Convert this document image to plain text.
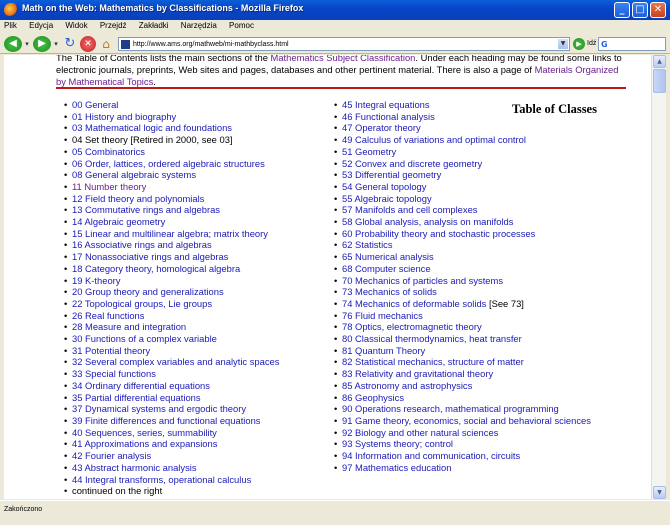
Math on the Web: Mathematics by Classifications - Mozilla Firefox	_	□ ✕
Plik Edycja Widok Przejdź Zakładki Narzędzia Pomoc
◀	▾ ▶	▾ ↻ ✕ ⌂	http://www.ams.org/mathweb/mi-mathbyclass.html	▼	▶ Idź G
The Table of Contents lists the main sections of the Mathematics Subject Classification. Under each heading may be found some links to electronic journals, preprints, Web sites and pages, databases and other pertinent material. There is also a page of Materials Organized by Mathematical Topics.
Table of Classes
• 00 General
• 01 History and biography
• 03 Mathematical logic and foundations
• 04 Set theory [Retired in 2000, see 03]
• 05 Combinatorics
• 06 Order, lattices, ordered algebraic structures
• 08 General algebraic systems
• 11 Number theory
• 12 Field theory and polynomials
• 13 Commutative rings and algebras
• 14 Algebraic geometry
• 15 Linear and multilinear algebra; matrix theory
• 16 Associative rings and algebras
• 17 Nonassociative rings and algebras
• 18 Category theory, homological algebra
• 19 K-theory
• 20 Group theory and generalizations
• 22 Topological groups, Lie groups
• 26 Real functions
• 28 Measure and integration
• 30 Functions of a complex variable
• 31 Potential theory
• 32 Several complex variables and analytic spaces
• 33 Special functions
• 34 Ordinary differential equations
• 35 Partial differential equations
• 37 Dynamical systems and ergodic theory
• 39 Finite differences and functional equations
• 40 Sequences, series, summability
• 41 Approximations and expansions
• 42 Fourier analysis
• 43 Abstract harmonic analysis
• 44 Integral transforms, operational calculus
• continued on the right
• 45 Integral equations
• 46 Functional analysis
• 47 Operator theory
• 49 Calculus of variations and optimal control
• 51 Geometry
• 52 Convex and discrete geometry
• 53 Differential geometry
• 54 General topology
• 55 Algebraic topology
• 57 Manifolds and cell complexes
• 58 Global analysis, analysis on manifolds
• 60 Probability theory and stochastic processes
• 62 Statistics
• 65 Numerical analysis
• 68 Computer science
• 70 Mechanics of particles and systems
• 73 Mechanics of solids
• 74 Mechanics of deformable solids [See 73]
• 76 Fluid mechanics
• 78 Optics, electromagnetic theory
• 80 Classical thermodynamics, heat transfer
• 81 Quantum Theory
• 82 Statistical mechanics, structure of matter
• 83 Relativity and gravitational theory
• 85 Astronomy and astrophysics
• 86 Geophysics
• 90 Operations research, mathematical programming
• 91 Game theory, economics, social and behavioral sciences
• 92 Biology and other natural sciences
• 93 Systems theory; control
• 94 Information and communication, circuits
• 97 Mathematics education
▲
▼
Zakończono
